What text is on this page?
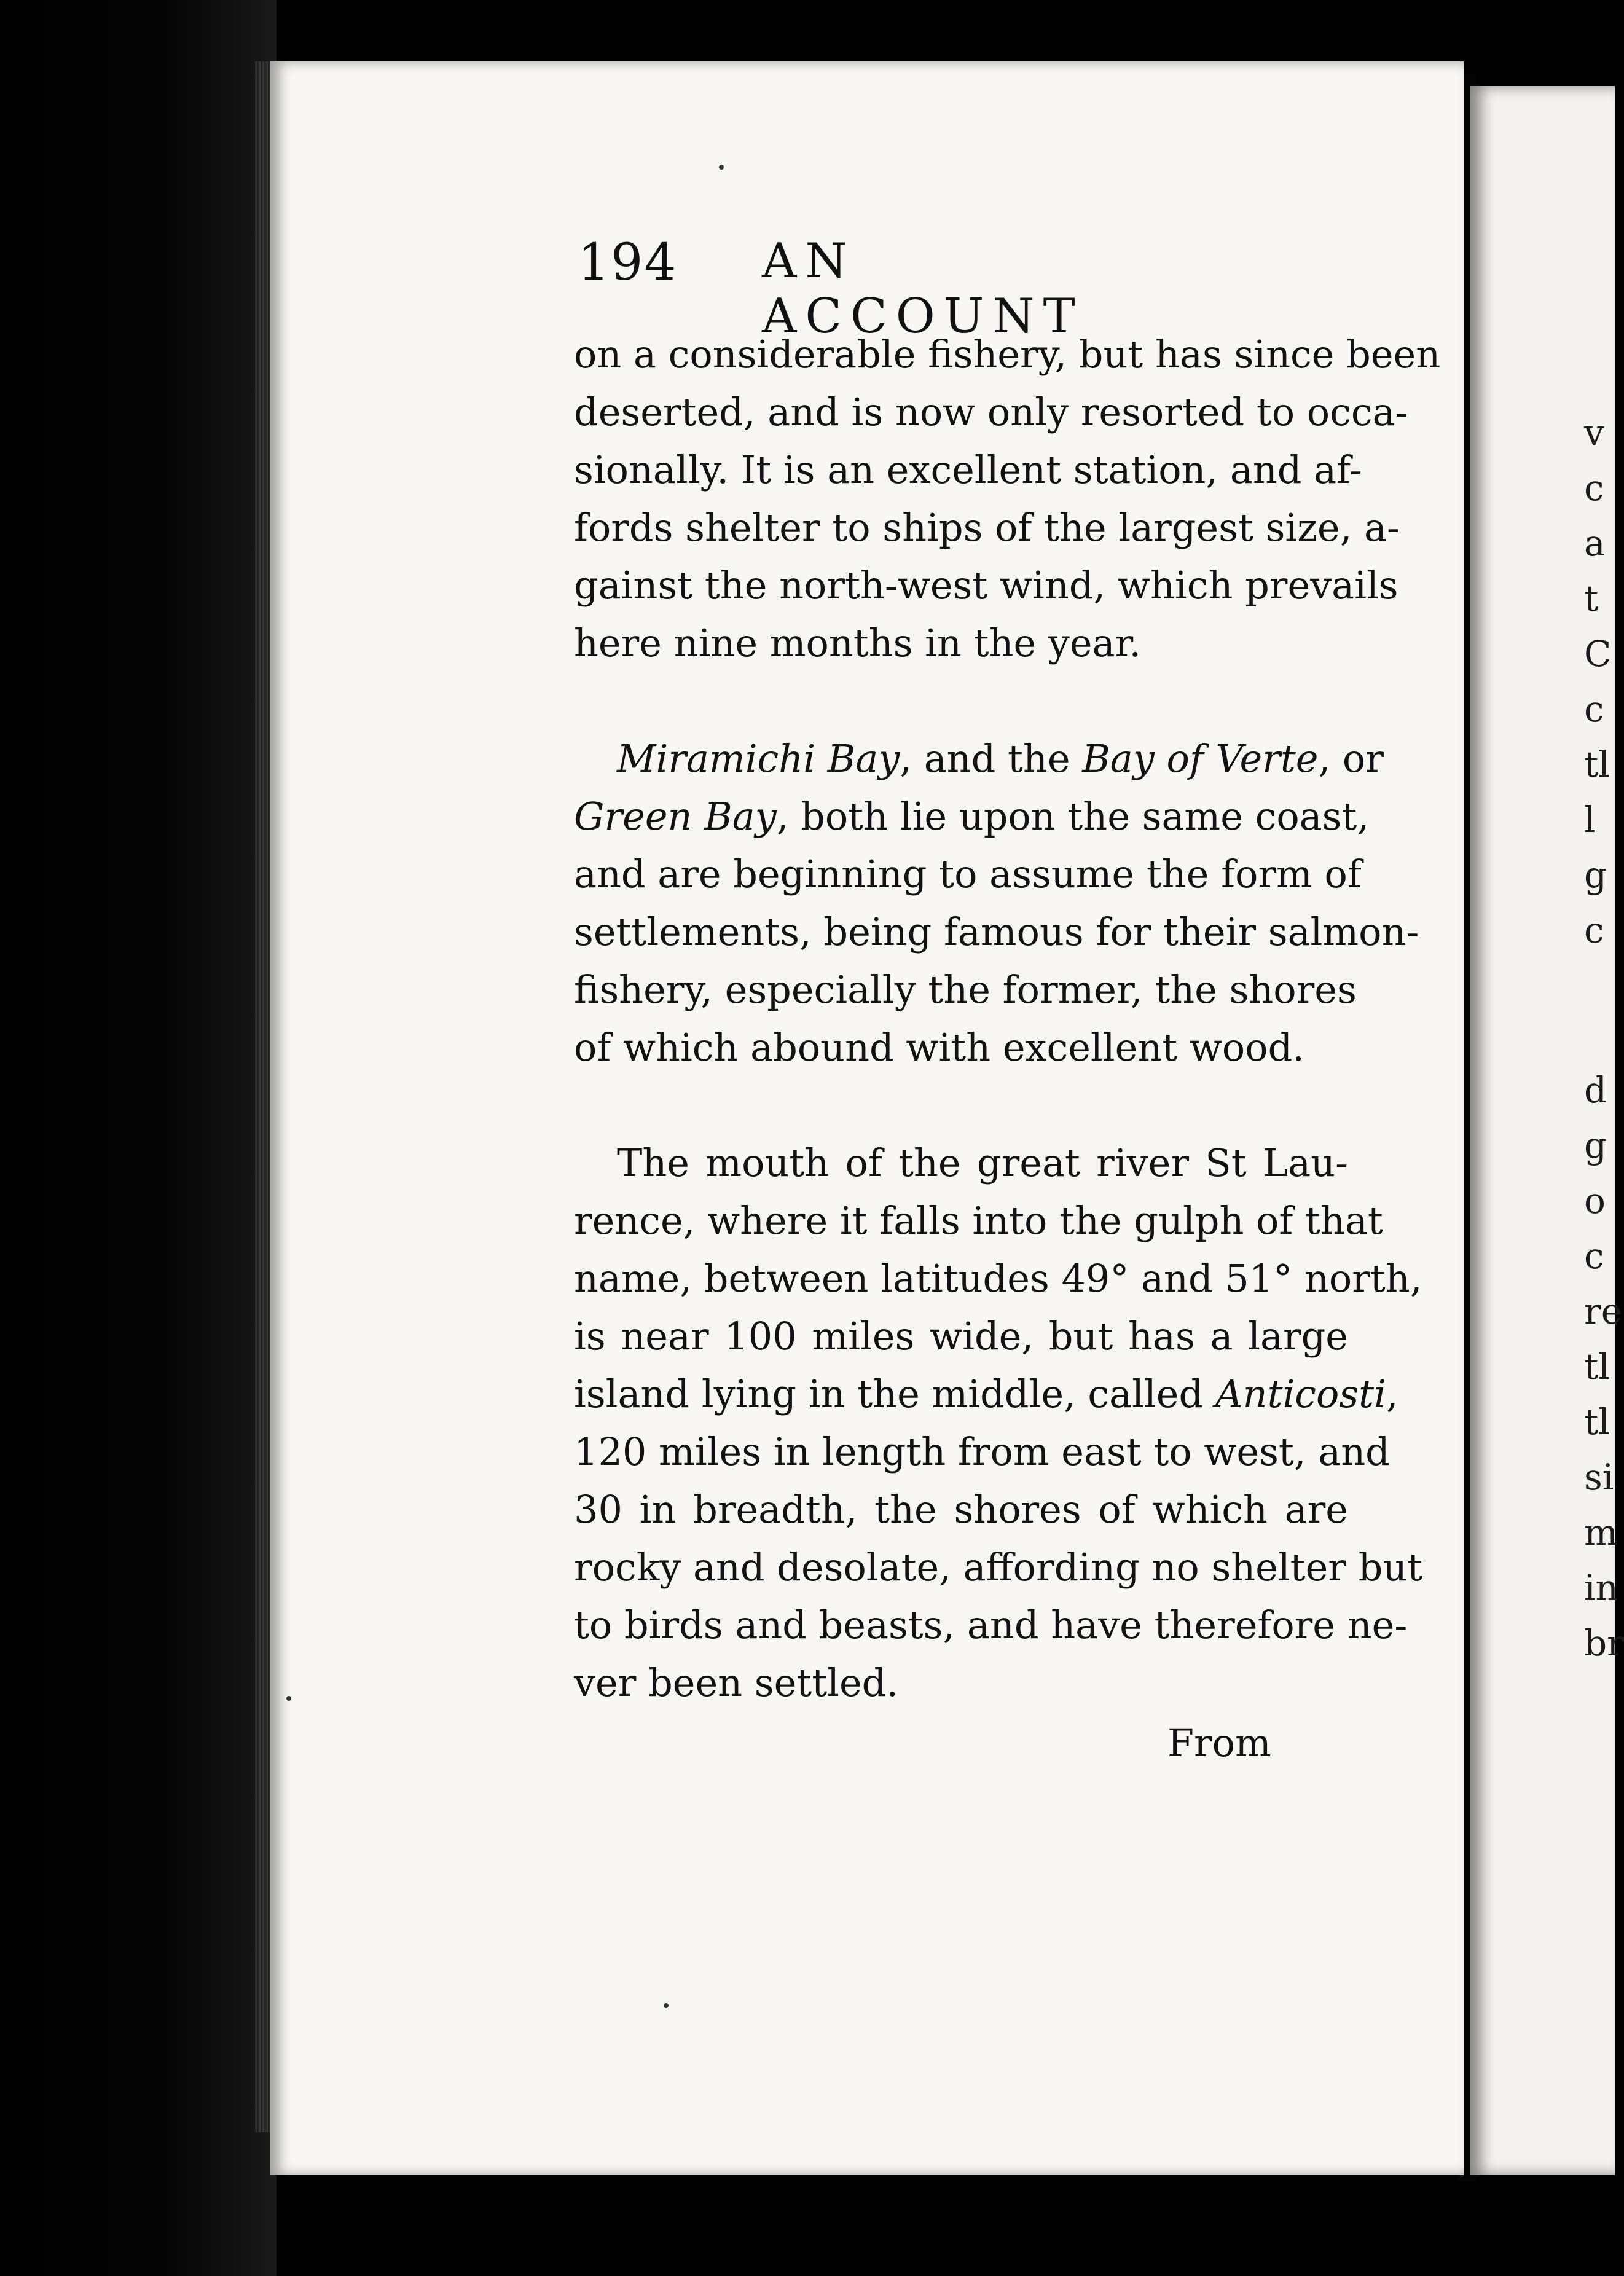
194 AN ACCOUNT
on a considerable fishery, but has since been
deserted, and is now only resorted to occa-
sionally. It is an excellent station, and af-
fords shelter to ships of the largest size, a-
gainst the north-west wind, which prevails
here nine months in the year.
Miramichi Bay, and the Bay of Verte, or
Green Bay, both lie upon the same coast,
and are beginning to assume the form of
settlements, being famous for their salmon-
fishery, especially the former, the shores
of which abound with excellent wood.
The mouth of the great river St Lau-
rence, where it falls into the gulph of that
name, between latitudes 49° and 51° north,
is near 100 miles wide, but has a large
island lying in the middle, called Anticosti,
120 miles in length from east to west, and
30 in breadth, the shores of which are
rocky and desolate, affording no shelter but
to birds and beasts, and have therefore ne-
ver been settled.
From
v
c
a
t
C
c
tl
l
g
c
d
g
o
c
re
tl
tl
si
m
in
br
